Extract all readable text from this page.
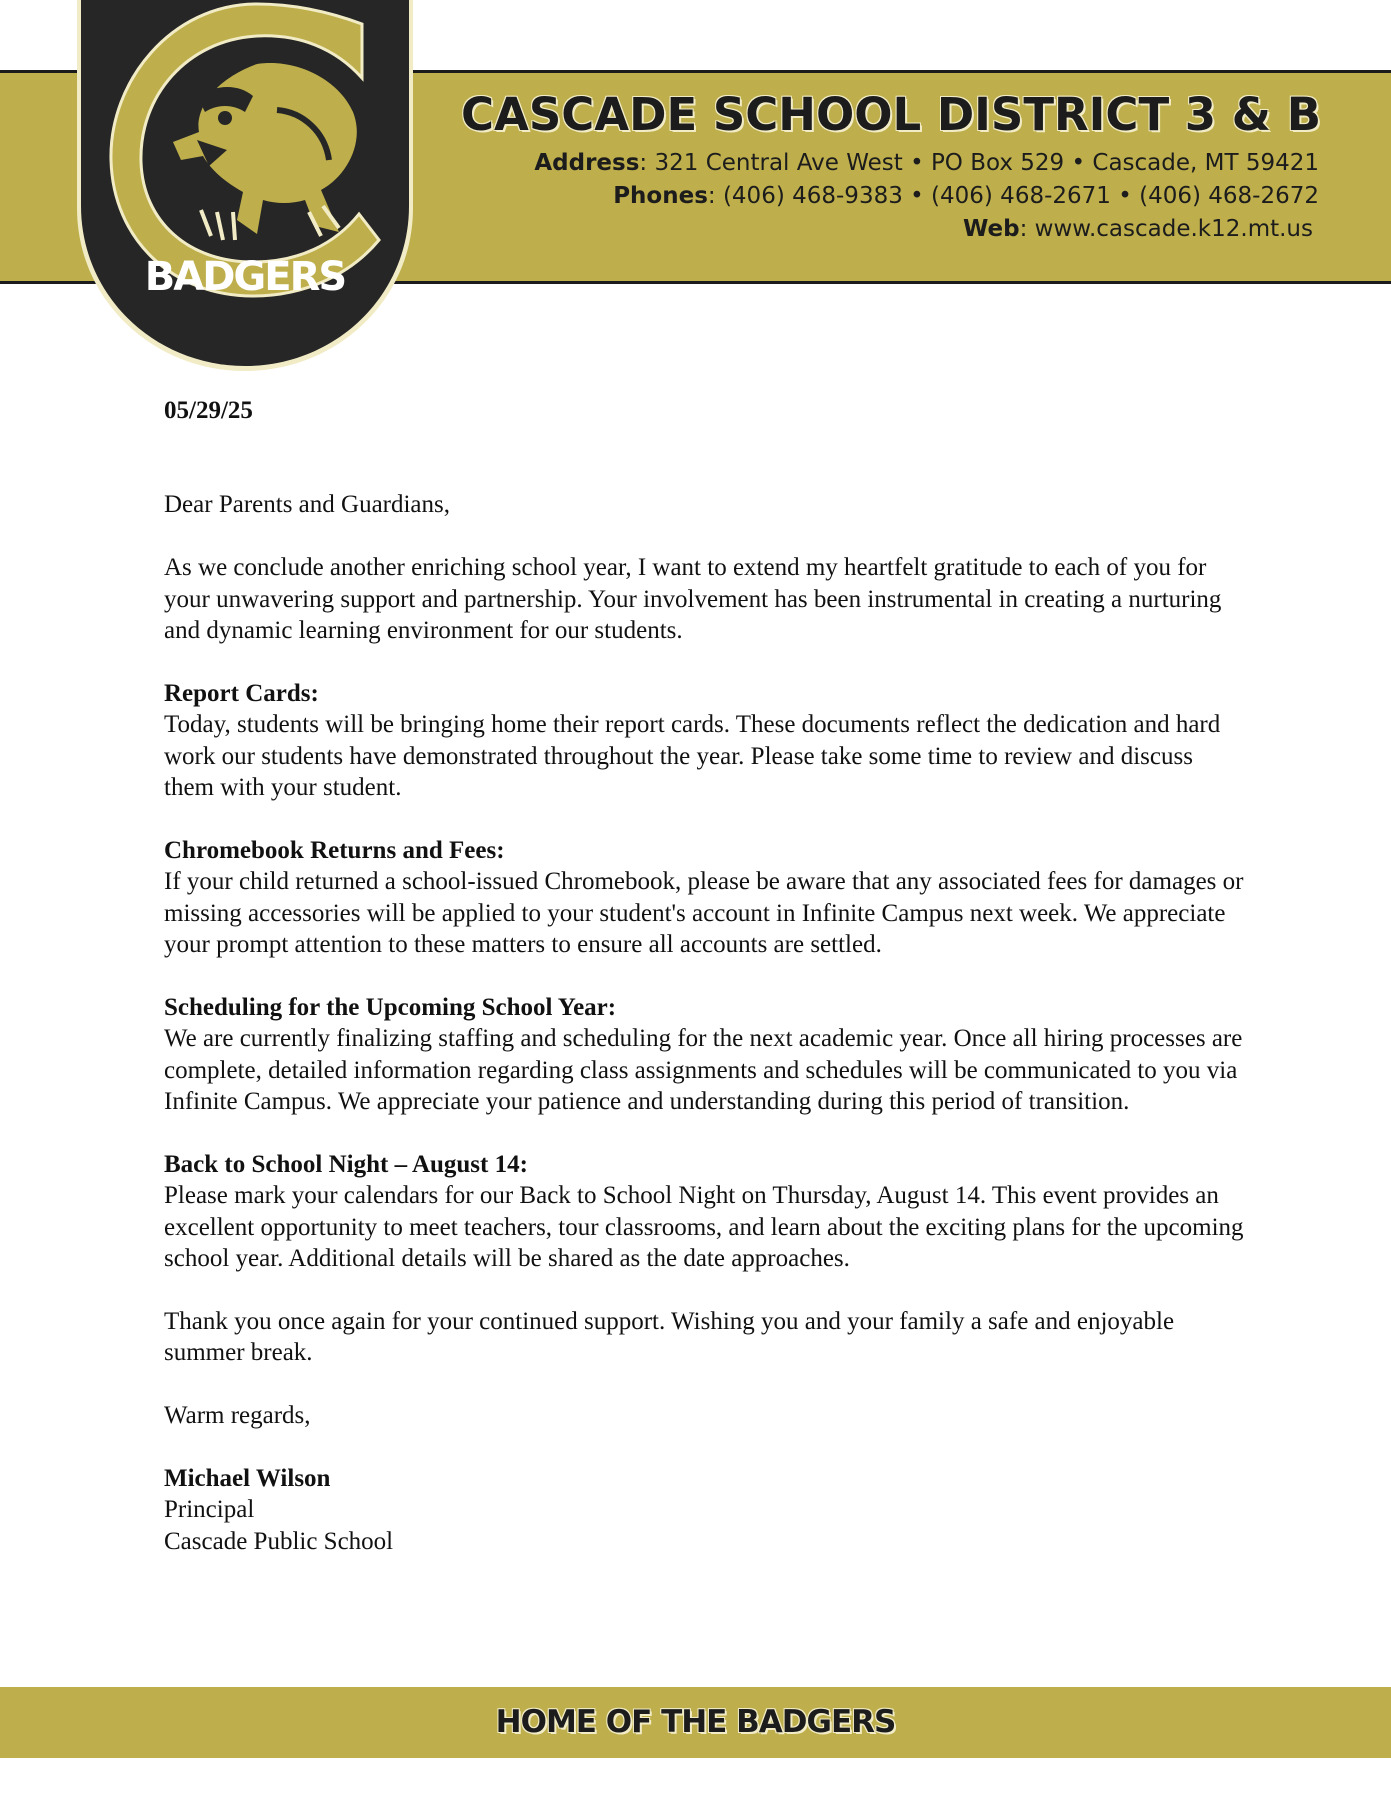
BADGERS
CASCADE SCHOOL DISTRICT 3 & B
Address: 321 Central Ave West • PO Box 529 • Cascade, MT 59421
Phones: (406) 468-9383 • (406) 468-2671 • (406) 468-2672
Web: www.cascade.k12.mt.us

05/29/25

Dear Parents and Guardians,

As we conclude another enriching school year, I want to extend my heartfelt gratitude to each of you for your unwavering support and partnership. Your involvement has been instrumental in creating a nurturing and dynamic learning environment for our students.

Report Cards:

Today, students will be bringing home their report cards. These documents reflect the dedication and hard work our students have demonstrated throughout the year. Please take some time to review and discuss them with your student.

Chromebook Returns and Fees:

If your child returned a school-issued Chromebook, please be aware that any associated fees for damages or missing accessories will be applied to your student's account in Infinite Campus next week. We appreciate your prompt attention to these matters to ensure all accounts are settled.

Scheduling for the Upcoming School Year:

We are currently finalizing staffing and scheduling for the next academic year. Once all hiring processes are complete, detailed information regarding class assignments and schedules will be communicated to you via Infinite Campus. We appreciate your patience and understanding during this period of transition.

Back to School Night – August 14:

Please mark your calendars for our Back to School Night on Thursday, August 14. This event provides an excellent opportunity to meet teachers, tour classrooms, and learn about the exciting plans for the upcoming school year. Additional details will be shared as the date approaches.

Thank you once again for your continued support. Wishing you and your family a safe and enjoyable summer break.

Warm regards,

Michael Wilson

Principal

Cascade Public School

HOME OF THE BADGERS
